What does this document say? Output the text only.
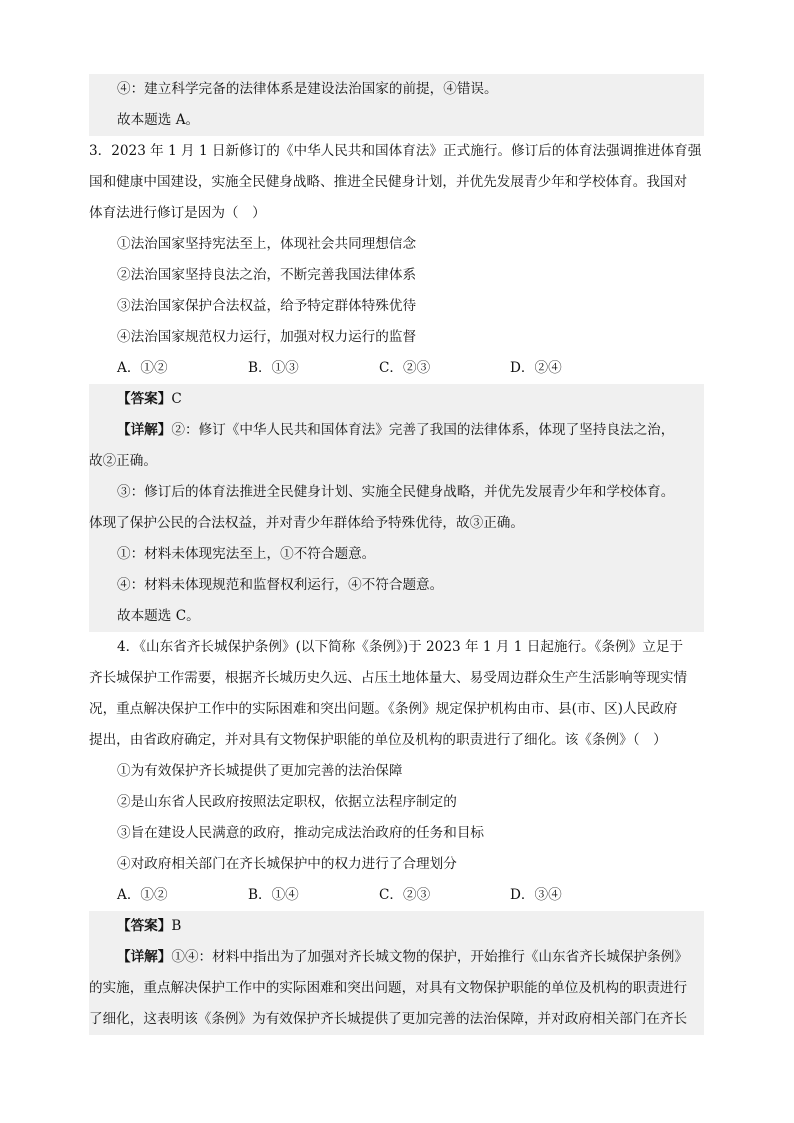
④：建立科学完备的法律体系是建设法治国家的前提，④错误。
故本题选 A。
3．2023 年 1 月 1 日新修订的《中华人民共和国体育法》正式施行。修订后的体育法强调推进体育强
国和健康中国建设，实施全民健身战略、推进全民健身计划，并优先发展青少年和学校体育。我国对
体育法进行修订是因为（　）
①法治国家坚持宪法至上，体现社会共同理想信念
②法治国家坚持良法之治，不断完善我国法律体系
③法治国家保护合法权益，给予特定群体特殊优待
④法治国家规范权力运行，加强对权力运行的监督
A．①②	B．①③	C．②③	D．②④
【答案】C
【详解】②：修订《中华人民共和国体育法》完善了我国的法律体系，体现了坚持良法之治，
故②正确。
③：修订后的体育法推进全民健身计划、实施全民健身战略，并优先发展青少年和学校体育。
体现了保护公民的合法权益，并对青少年群体给予特殊优待，故③正确。
①：材料未体现宪法至上，①不符合题意。
④：材料未体现规范和监督权利运行，④不符合题意。
故本题选 C。
4．《山东省齐长城保护条例》(以下简称《条例》)于 2023 年 1 月 1 日起施行。《条例》立足于
齐长城保护工作需要，根据齐长城历史久远、占压土地体量大、易受周边群众生产生活影响等现实情
况，重点解决保护工作中的实际困难和突出问题。《条例》规定保护机构由市、县(市、区)人民政府
提出，由省政府确定，并对具有文物保护职能的单位及机构的职责进行了细化。该《条例》（　）
①为有效保护齐长城提供了更加完善的法治保障
②是山东省人民政府按照法定职权，依据立法程序制定的
③旨在建设人民满意的政府，推动完成法治政府的任务和目标
④对政府相关部门在齐长城保护中的权力进行了合理划分
A．①②	B．①④	C．②③	D．③④
【答案】B
【详解】①④：材料中指出为了加强对齐长城文物的保护，开始推行《山东省齐长城保护条例》
的实施，重点解决保护工作中的实际困难和突出问题，对具有文物保护职能的单位及机构的职责进行
了细化，这表明该《条例》为有效保护齐长城提供了更加完善的法治保障，并对政府相关部门在齐长
